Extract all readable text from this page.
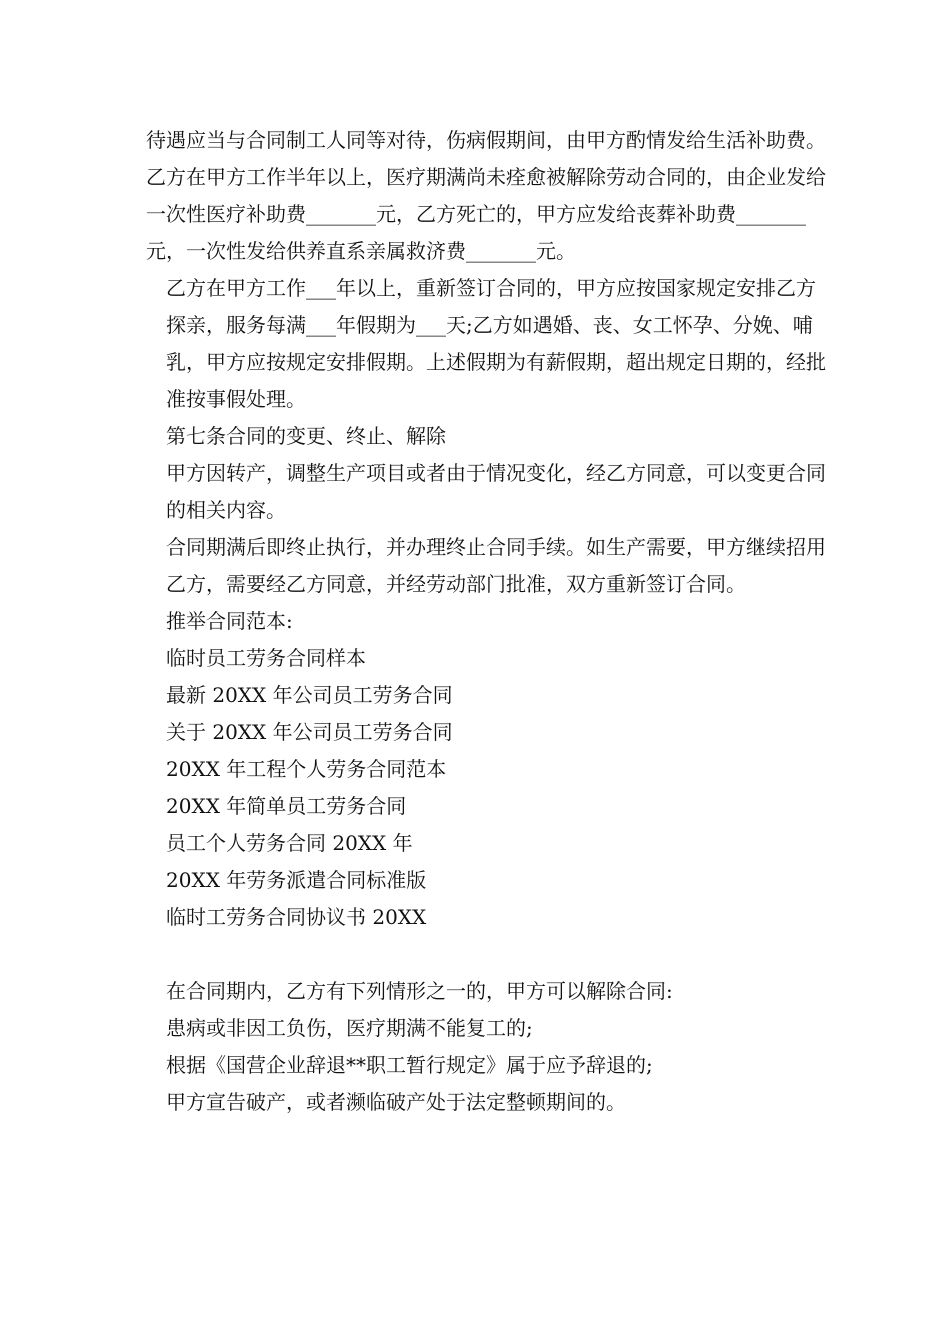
待遇应当与合同制工人同等对待，伤病假期间，由甲方酌情发给生活补助费。乙方在甲方工作半年以上，医疗期满尚未痊愈被解除劳动合同的，由企业发给一次性医疗补助费_______元，乙方死亡的，甲方应发给丧葬补助费_______元，一次性发给供养直系亲属救济费_______元。

乙方在甲方工作___年以上，重新签订合同的，甲方应按国家规定安排乙方探亲，服务每满___年假期为___天;乙方如遇婚、丧、女工怀孕、分娩、哺乳，甲方应按规定安排假期。上述假期为有薪假期，超出规定日期的，经批准按事假处理。

第七条合同的变更、终止、解除

甲方因转产，调整生产项目或者由于情况变化，经乙方同意，可以变更合同的相关内容。

合同期满后即终止执行，并办理终止合同手续。如生产需要，甲方继续招用乙方，需要经乙方同意，并经劳动部门批准，双方重新签订合同。

推举合同范本:

临时员工劳务合同样本

最新 20XX 年公司员工劳务合同

关于 20XX 年公司员工劳务合同

20XX 年工程个人劳务合同范本

20XX 年简单员工劳务合同

员工个人劳务合同 20XX 年

20XX 年劳务派遣合同标准版

临时工劳务合同协议书 20XX

在合同期内，乙方有下列情形之一的，甲方可以解除合同:

患病或非因工负伤，医疗期满不能复工的;

根据《国营企业辞退**职工暂行规定》属于应予辞退的;

甲方宣告破产，或者濒临破产处于法定整顿期间的。
